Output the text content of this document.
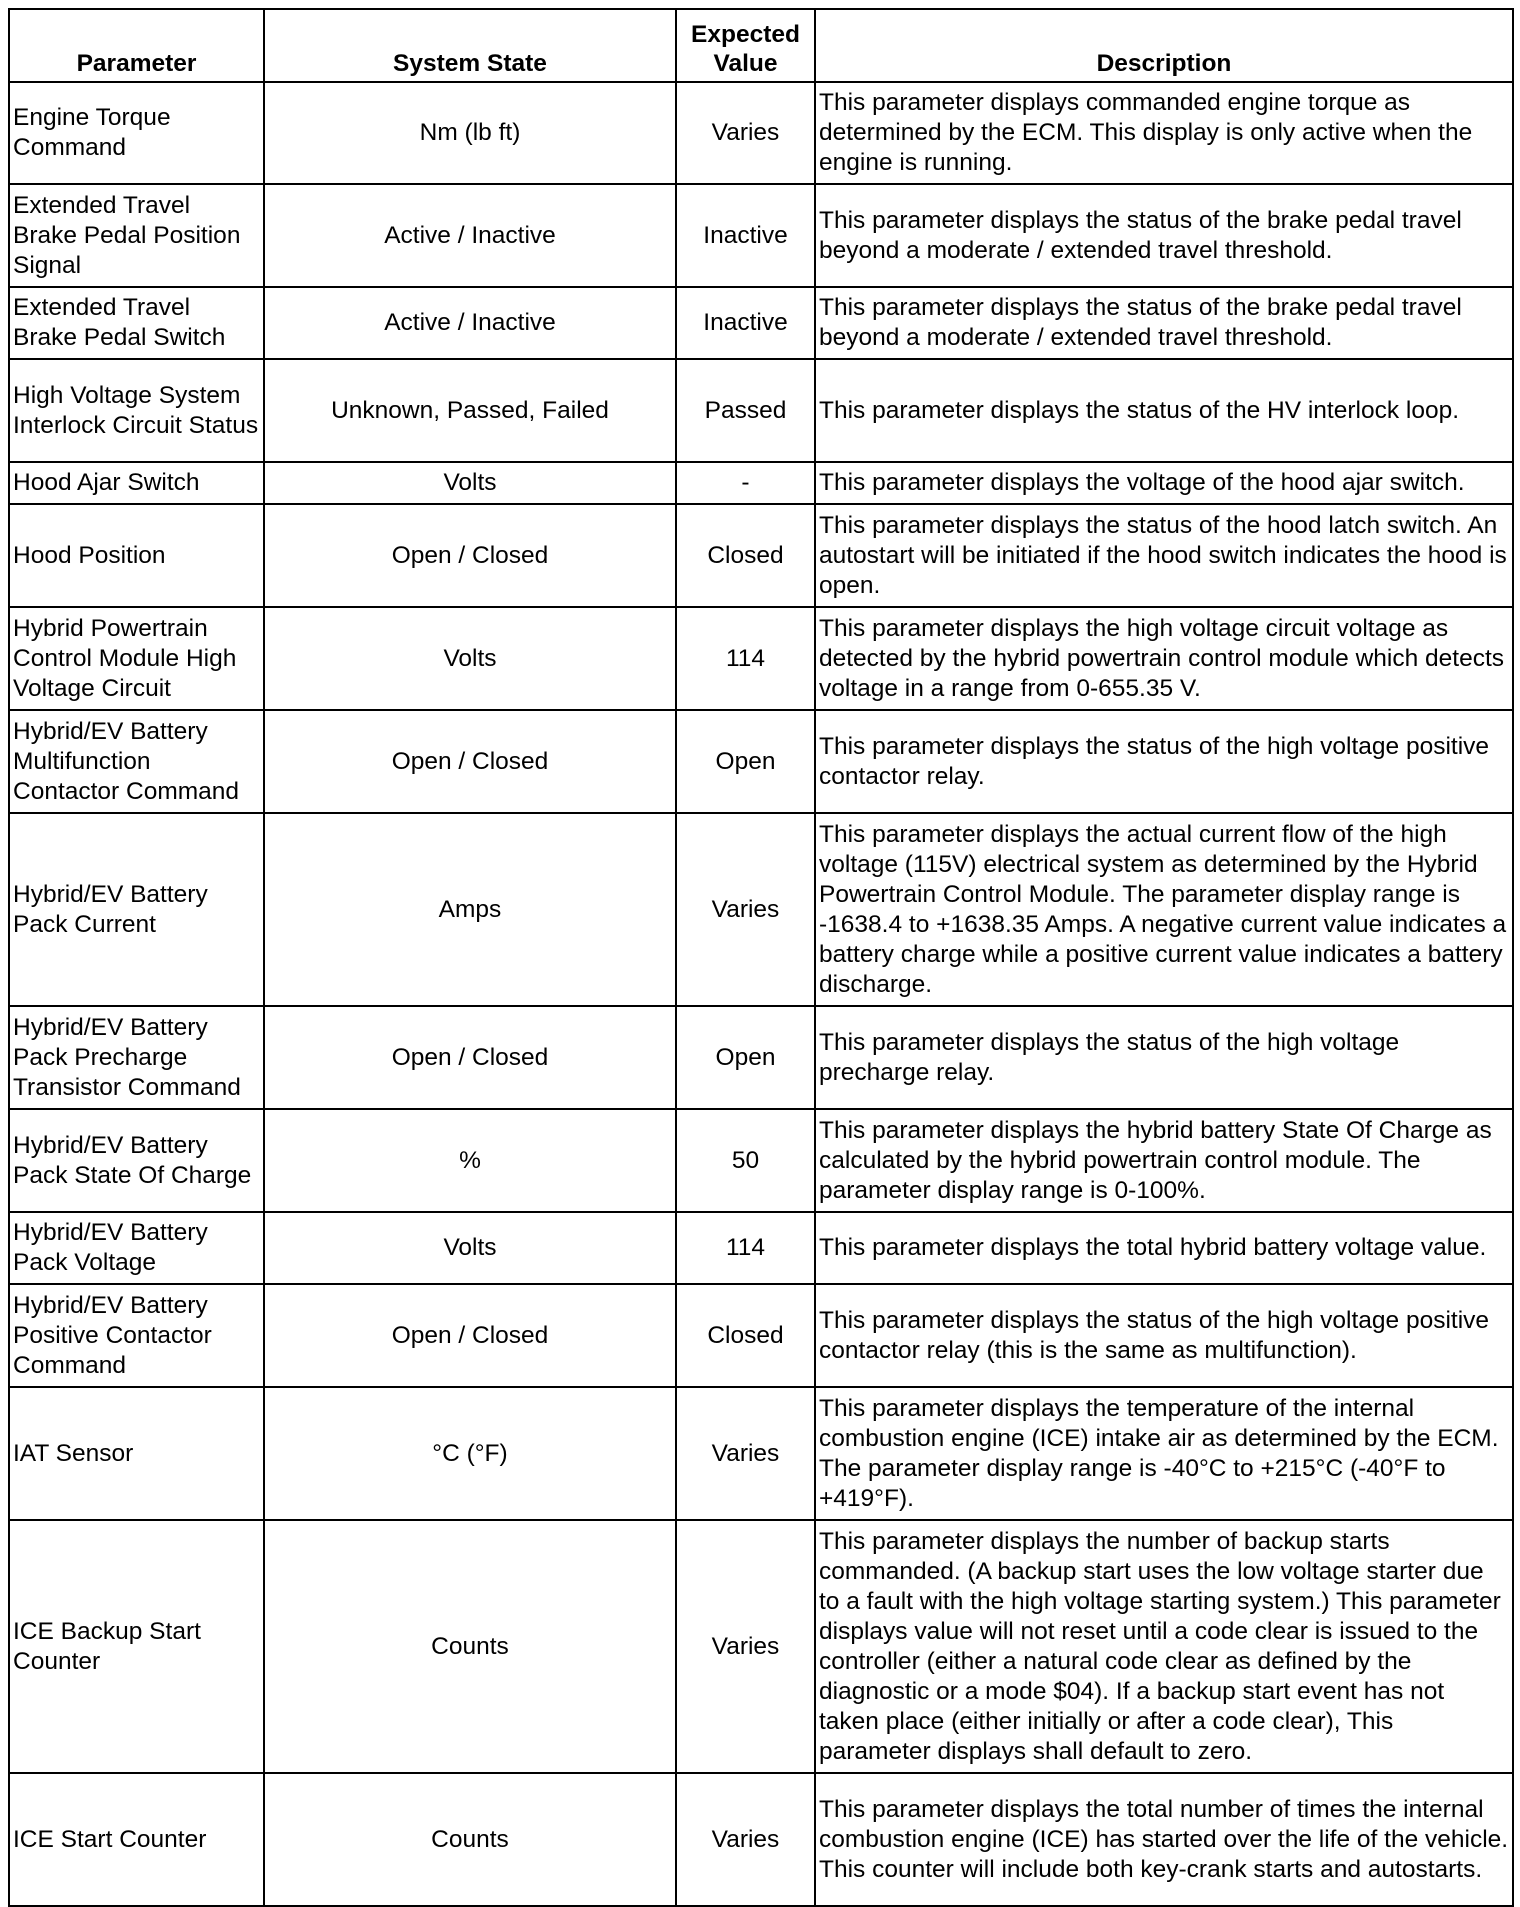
Parameter	System State	Expected Value	Description
Engine Torque Command	Nm (lb ft)	Varies	This parameter displays commanded engine torque as determined by the ECM. This display is only active when the engine is running.
Extended Travel Brake Pedal Position Signal	Active / Inactive	Inactive	This parameter displays the status of the brake pedal travel beyond a moderate / extended travel threshold.
Extended Travel Brake Pedal Switch	Active / Inactive	Inactive	This parameter displays the status of the brake pedal travel beyond a moderate / extended travel threshold.
High Voltage System Interlock Circuit Status	Unknown, Passed, Failed	Passed	This parameter displays the status of the HV interlock loop.
Hood Ajar Switch	Volts	-	This parameter displays the voltage of the hood ajar switch.
Hood Position	Open / Closed	Closed	This parameter displays the status of the hood latch switch. An autostart will be initiated if the hood switch indicates the hood is open.
Hybrid Powertrain Control Module High Voltage Circuit	Volts	114	This parameter displays the high voltage circuit voltage as detected by the hybrid powertrain control module which detects voltage in a range from 0-655.35 V.
Hybrid/EV Battery Multifunction Contactor Command	Open / Closed	Open	This parameter displays the status of the high voltage positive contactor relay.
Hybrid/EV Battery Pack Current	Amps	Varies	This parameter displays the actual current flow of the high voltage (115V) electrical system as determined by the Hybrid Powertrain Control Module. The parameter display range is -1638.4 to +1638.35 Amps. A negative current value indicates a battery charge while a positive current value indicates a battery discharge.
Hybrid/EV Battery Pack Precharge Transistor Command	Open / Closed	Open	This parameter displays the status of the high voltage precharge relay.
Hybrid/EV Battery Pack State Of Charge	%	50	This parameter displays the hybrid battery State Of Charge as calculated by the hybrid powertrain control module. The parameter display range is 0-100%.
Hybrid/EV Battery Pack Voltage	Volts	114	This parameter displays the total hybrid battery voltage value.
Hybrid/EV Battery Positive Contactor Command	Open / Closed	Closed	This parameter displays the status of the high voltage positive contactor relay (this is the same as multifunction).
IAT Sensor	°C (°F)	Varies	This parameter displays the temperature of the internal combustion engine (ICE) intake air as determined by the ECM. The parameter display range is -40°C to +215°C (-40°F to +419°F).
ICE Backup Start Counter	Counts	Varies	This parameter displays the number of backup starts commanded. (A backup start uses the low voltage starter due to a fault with the high voltage starting system.) This parameter displays value will not reset until a code clear is issued to the controller (either a natural code clear as defined by the diagnostic or a mode $04). If a backup start event has not taken place (either initially or after a code clear), This parameter displays shall default to zero.
ICE Start Counter	Counts	Varies	This parameter displays the total number of times the internal combustion engine (ICE) has started over the life of the vehicle. This counter will include both key-crank starts and autostarts.
